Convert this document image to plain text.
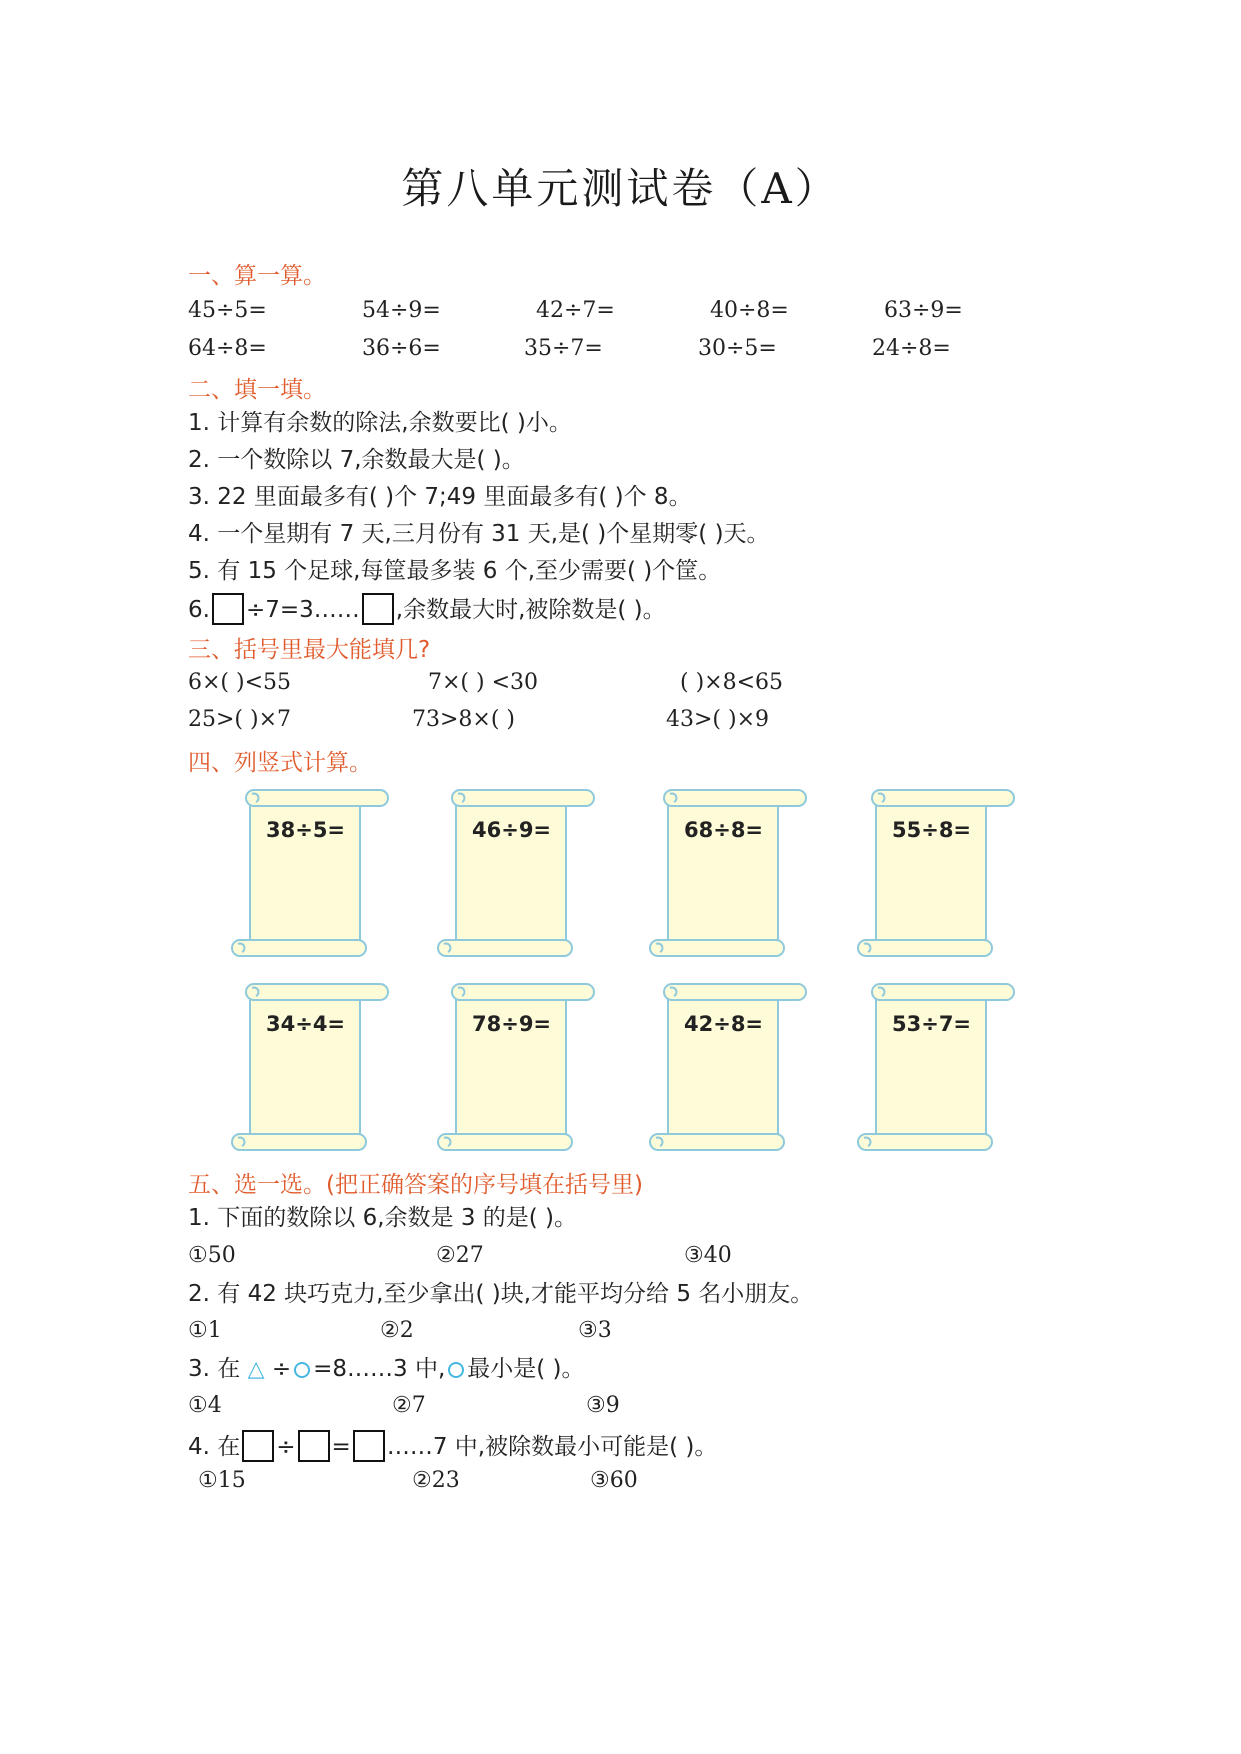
第八单元测试卷（A）
一、算一算。
45÷5=	54÷9=	42÷7=	40÷8=	63÷9=
64÷8=	36÷6=	35÷7=	30÷5=	24÷8=
二、填一填。
1. 计算有余数的除法,余数要比( )小。
2. 一个数除以 7,余数最大是( )。
3. 22 里面最多有( )个 7;49 里面最多有( )个 8。
4. 一个星期有 7 天,三月份有 31 天,是( )个星期零( )天。
5. 有 15 个足球,每筐最多装 6 个,至少需要( )个筐。
6. ÷7=3…… ,余数最大时,被除数是( )。
三、括号里最大能填几?
6×( )<55	7×( ) <30	( )×8<65
25>( )×7	73>8×( )	43>( )×9
四、列竖式计算。
38÷5=	46÷9=	68÷8=	55÷8=
34÷4=	78÷9=	42÷8=	53÷7=
五、选一选。(把正确答案的序号填在括号里)
1. 下面的数除以 6,余数是 3 的是( )。
①50	②27	③40
2. 有 42 块巧克力,至少拿出( )块,才能平均分给 5 名小朋友。
①1	②2	③3
3. 在 △ ÷ =8……3 中, 最小是( )。
①4	②7	③9
4. 在 ÷ = ……7 中,被除数最小可能是( )。
①15	②23	③60
